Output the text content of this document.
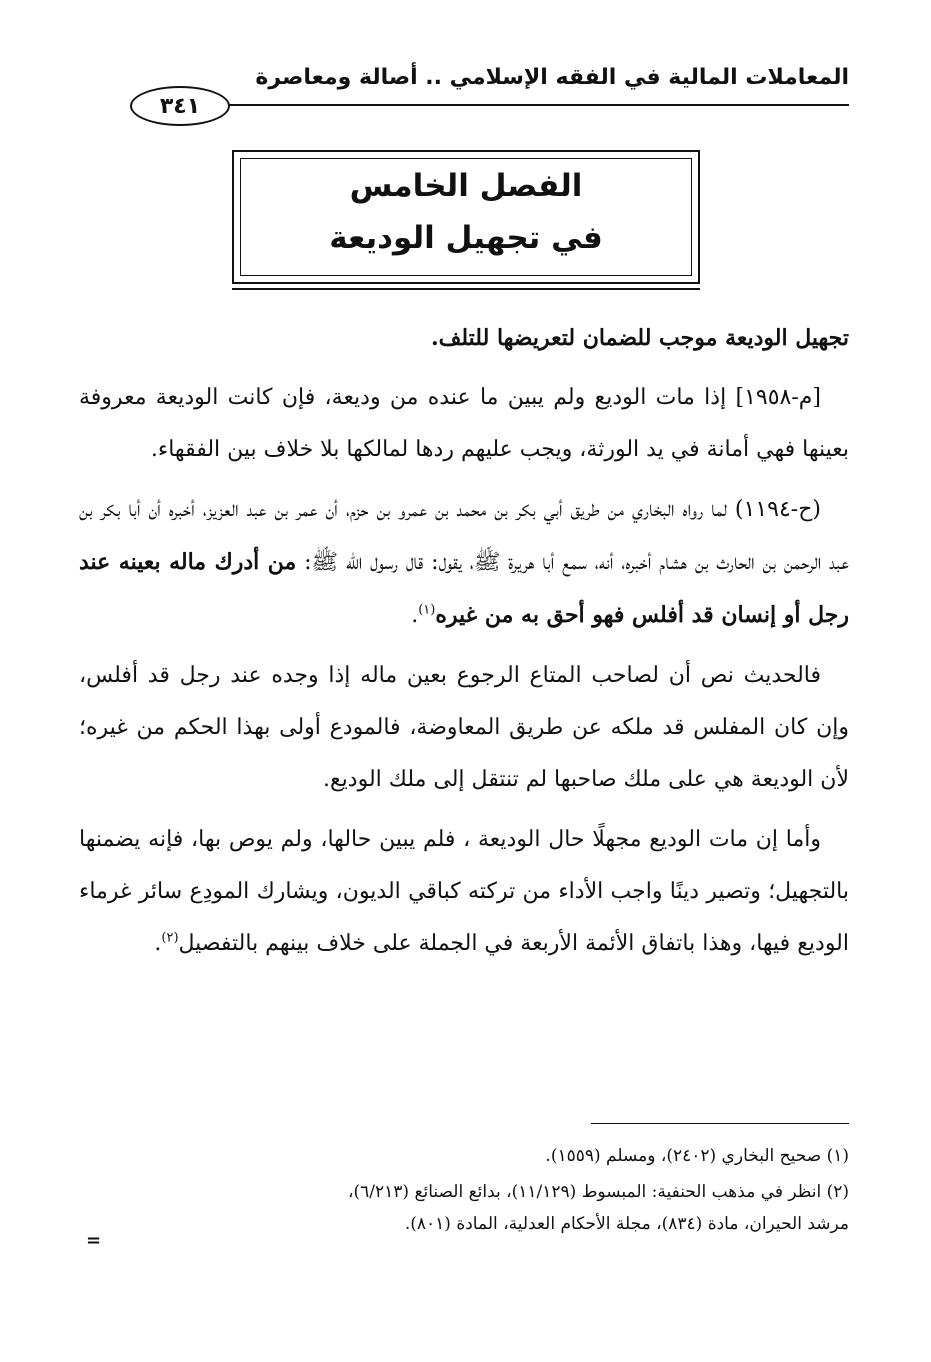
المعاملات المالية في الفقه الإسلامي .. أصالة ومعاصرة
٣٤١
الفصل الخامس
في تجهيل الوديعة

تجهيل الوديعة موجب للضمان لتعريضها للتلف.

[م-١٩٥٨] إذا مات الوديع ولم يبين ما عنده من وديعة، فإن كانت الوديعة معروفة بعينها فهي أمانة في يد الورثة، ويجب عليهم ردها لمالكها بلا خلاف بين الفقهاء.

(ح-١١٩٤) لما رواه البخاري من طريق أبي بكر بن محمد بن عمرو بن حزم، أن عمر بن عبد العزيز، أخبره أن أبا بكر بن عبد الرحمن بن الحارث بن هشام أخبره، أنه، سمع أبا هريرة ﷺ، يقول: قال رسول الله ﷺ: من أدرك ماله بعينه عند رجل أو إنسان قد أفلس فهو أحق به من غيره$^{(١)}$.

فالحديث نص أن لصاحب المتاع الرجوع بعين ماله إذا وجده عند رجل قد أفلس، وإن كان المفلس قد ملكه عن طريق المعاوضة، فالمودع أولى بهذا الحكم من غيره؛ لأن الوديعة هي على ملك صاحبها لم تنتقل إلى ملك الوديع.

وأما إن مات الوديع مجهلًا حال الوديعة ، فلم يبين حالها، ولم يوص بها، فإنه يضمنها بالتجهيل؛ وتصير دينًا واجب الأداء من تركته كباقي الديون، ويشارك المودِع سائر غرماء الوديع فيها، وهذا باتفاق الأئمة الأربعة في الجملة على خلاف بينهم بالتفصيل$^{(٢)}$.

(١) صحيح البخاري (٢٤٠٢)، ومسلم (١٥٥٩).

(٢) انظر في مذهب الحنفية: المبسوط (١١/١٢٩)، بدائع الصنائع (٦/٢١٣)،
مرشد الحيران، مادة (٨٣٤)، مجلة الأحكام العدلية، المادة (٨٠١).

=
